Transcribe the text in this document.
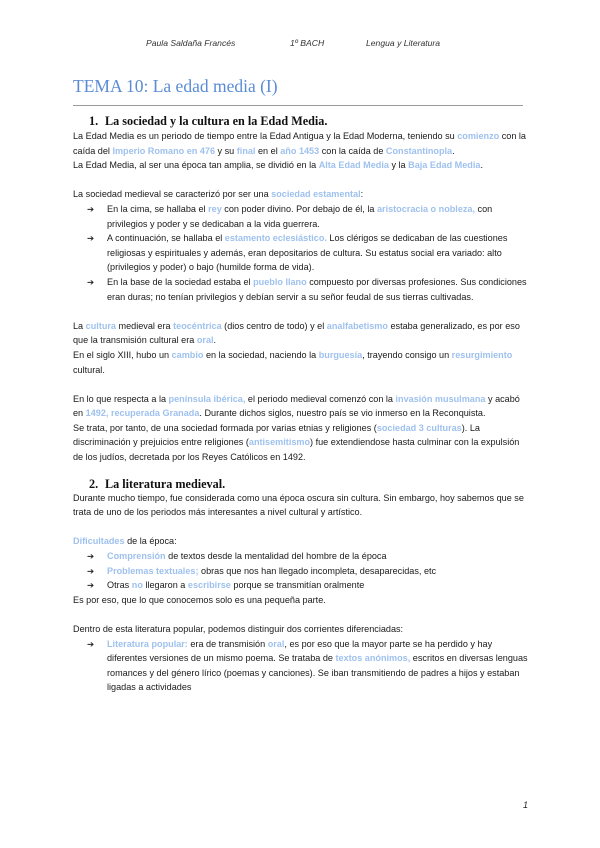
Paula Saldaña Francés	1º BACH	Lengua y Literatura
TEMA 10: La edad media (I)
1. La sociedad y la cultura en la Edad Media.

La Edad Media es un periodo de tiempo entre la Edad Antigua y la Edad Moderna, teniendo su comienzo con la caída del Imperio Romano en 476 y su final en el año 1453 con la caída de Constantinopla.

La Edad Media, al ser una época tan amplia, se dividió en la Alta Edad Media y la Baja Edad Media.

La sociedad medieval se caracterizó por ser una sociedad estamental:

➔ En la cima, se hallaba el rey con poder divino. Por debajo de él, la aristocracia o nobleza, con privilegios y poder y se dedicaban a la vida guerrera.
➔ A continuación, se hallaba el estamento eclesiástico. Los clérigos se dedicaban de las cuestiones religiosas y espirituales y además, eran depositarios de cultura. Su estatus social era variado: alto (privilegios y poder) o bajo (humilde forma de vida).
➔ En la base de la sociedad estaba el pueblo llano compuesto por diversas profesiones. Sus condiciones eran duras; no tenían privilegios y debían servir a su señor feudal de sus tierras cultivadas.

La cultura medieval era teocéntrica (dios centro de todo) y el analfabetismo estaba generalizado, es por eso que la transmisión cultural era oral.

En el siglo XIII, hubo un cambio en la sociedad, naciendo la burguesía, trayendo consigo un resurgimiento cultural.

En lo que respecta a la península ibérica, el periodo medieval comenzó con la invasión musulmana y acabó en 1492, recuperada Granada. Durante dichos siglos, nuestro país se vio inmerso en la Reconquista.

Se trata, por tanto, de una sociedad formada por varias etnias y religiones (sociedad 3 culturas). La discriminación y prejuicios entre religiones (antisemitismo) fue extendiendose hasta culminar con la expulsión de los judíos, decretada por los Reyes Católicos en 1492.

2. La literatura medieval.

Durante mucho tiempo, fue considerada como una época oscura sin cultura. Sin embargo, hoy sabemos que se trata de uno de los periodos más interesantes a nivel cultural y artístico.

Dificultades de la época:

➔ Comprensión de textos desde la mentalidad del hombre de la época
➔ Problemas textuales; obras que nos han llegado incompleta, desaparecidas, etc
➔ Otras no llegaron a escribirse porque se transmitían oralmente

Es por eso, que lo que conocemos solo es una pequeña parte.

Dentro de esta literatura popular, podemos distinguir dos corrientes diferenciadas:

➔ Literatura popular: era de transmisión oral, es por eso que la mayor parte se ha perdido y hay diferentes versiones de un mismo poema. Se trataba de textos anónimos, escritos en diversas lenguas romances y del género lírico (poemas y canciones). Se iban transmitiendo de padres a hijos y estaban ligadas a actividades
1
